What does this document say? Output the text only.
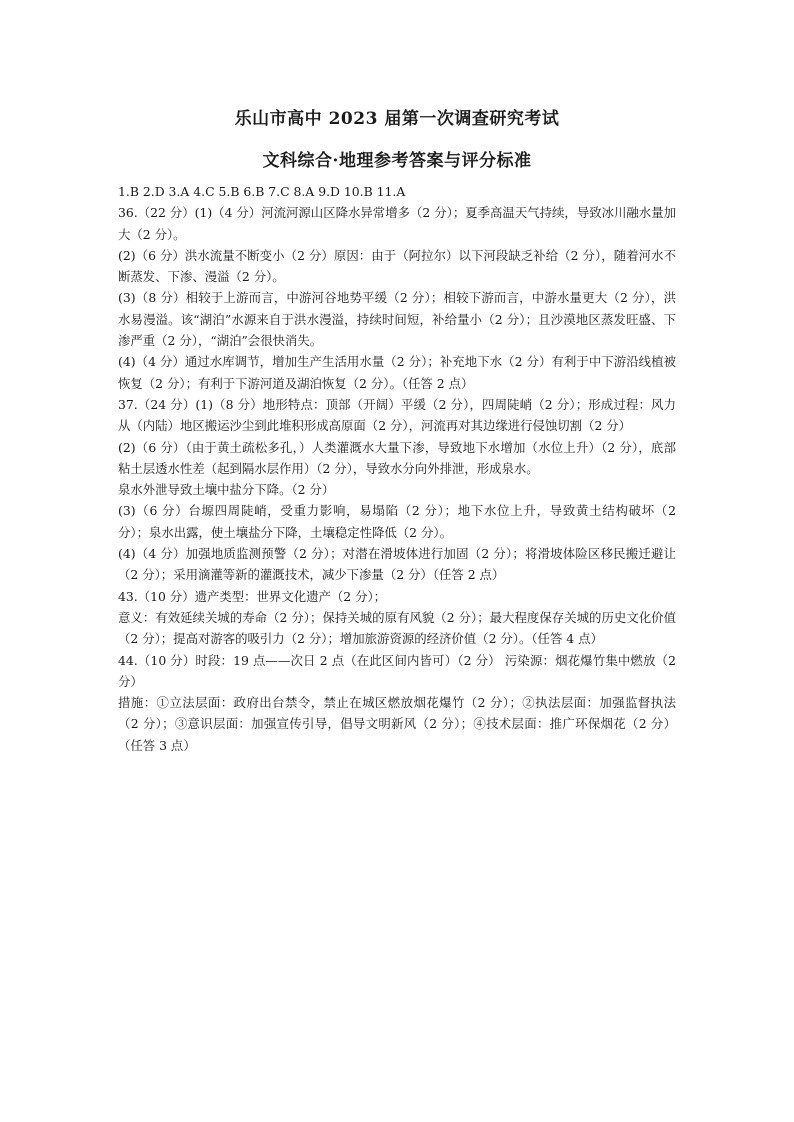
乐山市高中 2023 届第一次调查研究考试
文科综合·地理参考答案与评分标准

1.B 2.D 3.A 4.C 5.B 6.B 7.C 8.A 9.D 10.B 11.A

36.（22 分）(1)（4 分）河流河源山区降水异常增多（2 分）；夏季高温天气持续，导致冰川融水量加大（2 分）。

(2)（6 分）洪水流量不断变小（2 分）原因：由于（阿拉尔）以下河段缺乏补给（2 分），随着河水不断蒸发、下渗、漫溢（2 分）。

(3)（8 分）相较于上游而言，中游河谷地势平缓（2 分）；相较下游而言，中游水量更大（2 分），洪水易漫溢。该“湖泊”水源来自于洪水漫溢，持续时间短，补给量小（2 分）；且沙漠地区蒸发旺盛、下渗严重（2 分），“湖泊”会很快消失。

(4)（4 分）通过水库调节，增加生产生活用水量（2 分）；补充地下水（2 分）有利于中下游沿线植被恢复（2 分）；有利于下游河道及湖泊恢复（2 分）。（任答 2 点）

37.（24 分）(1)（8 分）地形特点：顶部（开阔）平缓（2 分），四周陡峭（2 分）；形成过程：风力从（内陆）地区搬运沙尘到此堆积形成高原面（2 分），河流再对其边缘进行侵蚀切割（2 分）

(2)（6 分）（由于黄土疏松多孔，）人类灌溉水大量下渗，导致地下水增加（水位上升）（2 分），底部粘土层透水性差（起到隔水层作用）（2 分），导致水分向外排泄，形成泉水。

泉水外泄导致土壤中盐分下降。（2 分）

(3)（6 分）台塬四周陡峭，受重力影响，易塌陷（2 分）；地下水位上升，导致黄土结构破坏（2 分）；泉水出露，使土壤盐分下降，土壤稳定性降低（2 分）。

(4)（4 分）加强地质监测预警（2 分）；对潜在滑坡体进行加固（2 分）；将滑坡体险区移民搬迁避让（2 分）；采用滴灌等新的灌溉技术，减少下渗量（2 分）（任答 2 点）

43.（10 分）遗产类型：世界文化遗产（2 分）；

意义：有效延续关城的寿命（2 分）；保持关城的原有风貌（2 分）；最大程度保存关城的历史文化价值（2 分）；提高对游客的吸引力（2 分）；增加旅游资源的经济价值（2 分）。（任答 4 点）

44.（10 分）时段：19 点——次日 2 点（在此区间内皆可）（2 分） 污染源：烟花爆竹集中燃放（2 分）

措施：①立法层面：政府出台禁令，禁止在城区燃放烟花爆竹（2 分）；②执法层面：加强监督执法（2 分）；③意识层面：加强宣传引导，倡导文明新风（2 分）；④技术层面：推广环保烟花（2 分）（任答 3 点）
